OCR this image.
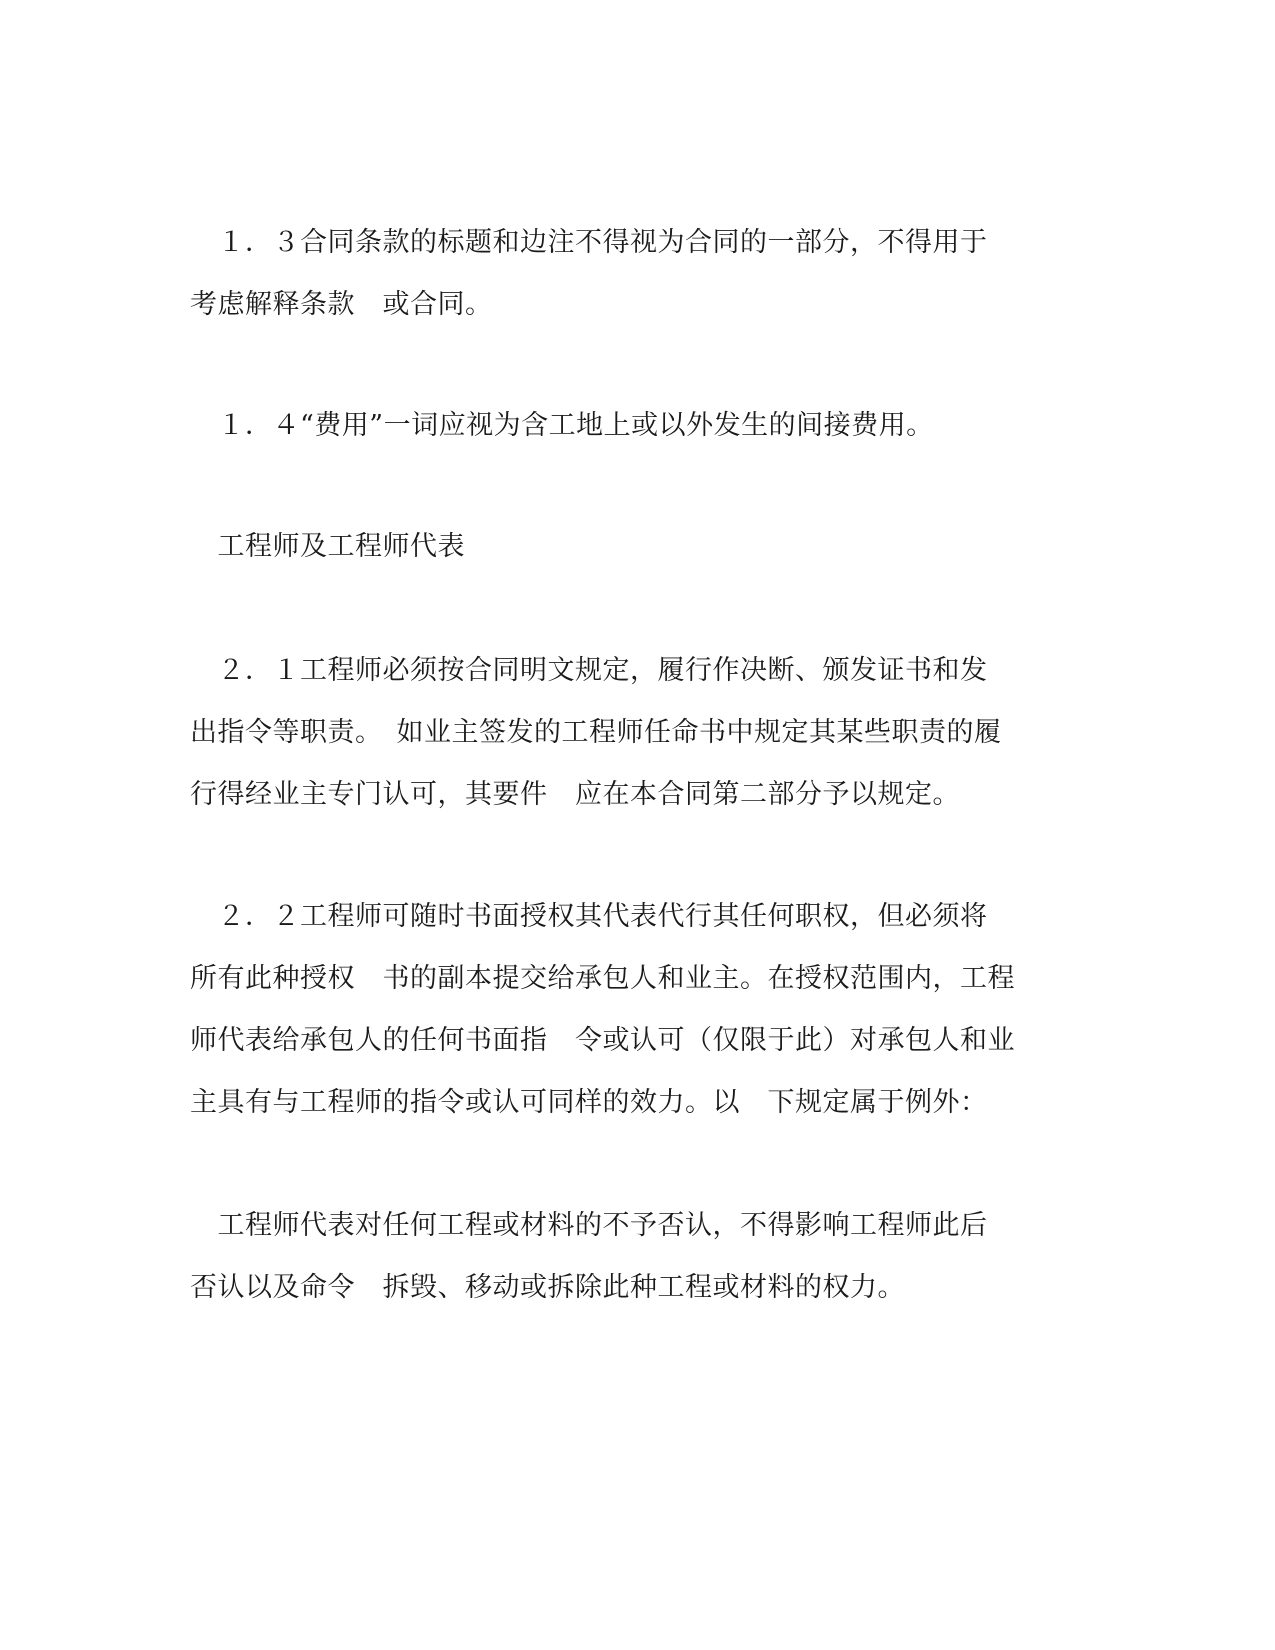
　１．３合同条款的标题和边注不得视为合同的一部分，不得用于
考虑解释条款　或合同。
　１．４“费用”一词应视为含工地上或以外发生的间接费用。
　工程师及工程师代表
　２．１工程师必须按合同明文规定，履行作决断、颁发证书和发
出指令等职责。　如业主签发的工程师任命书中规定其某些职责的履
行得经业主专门认可，其要件　应在本合同第二部分予以规定。
　２．２工程师可随时书面授权其代表代行其任何职权，但必须将
所有此种授权　书的副本提交给承包人和业主。在授权范围内，工程
师代表给承包人的任何书面指　令或认可（仅限于此）对承包人和业
主具有与工程师的指令或认可同样的效力。以　下规定属于例外：
　工程师代表对任何工程或材料的不予否认，不得影响工程师此后
否认以及命令　拆毁、移动或拆除此种工程或材料的权力。
